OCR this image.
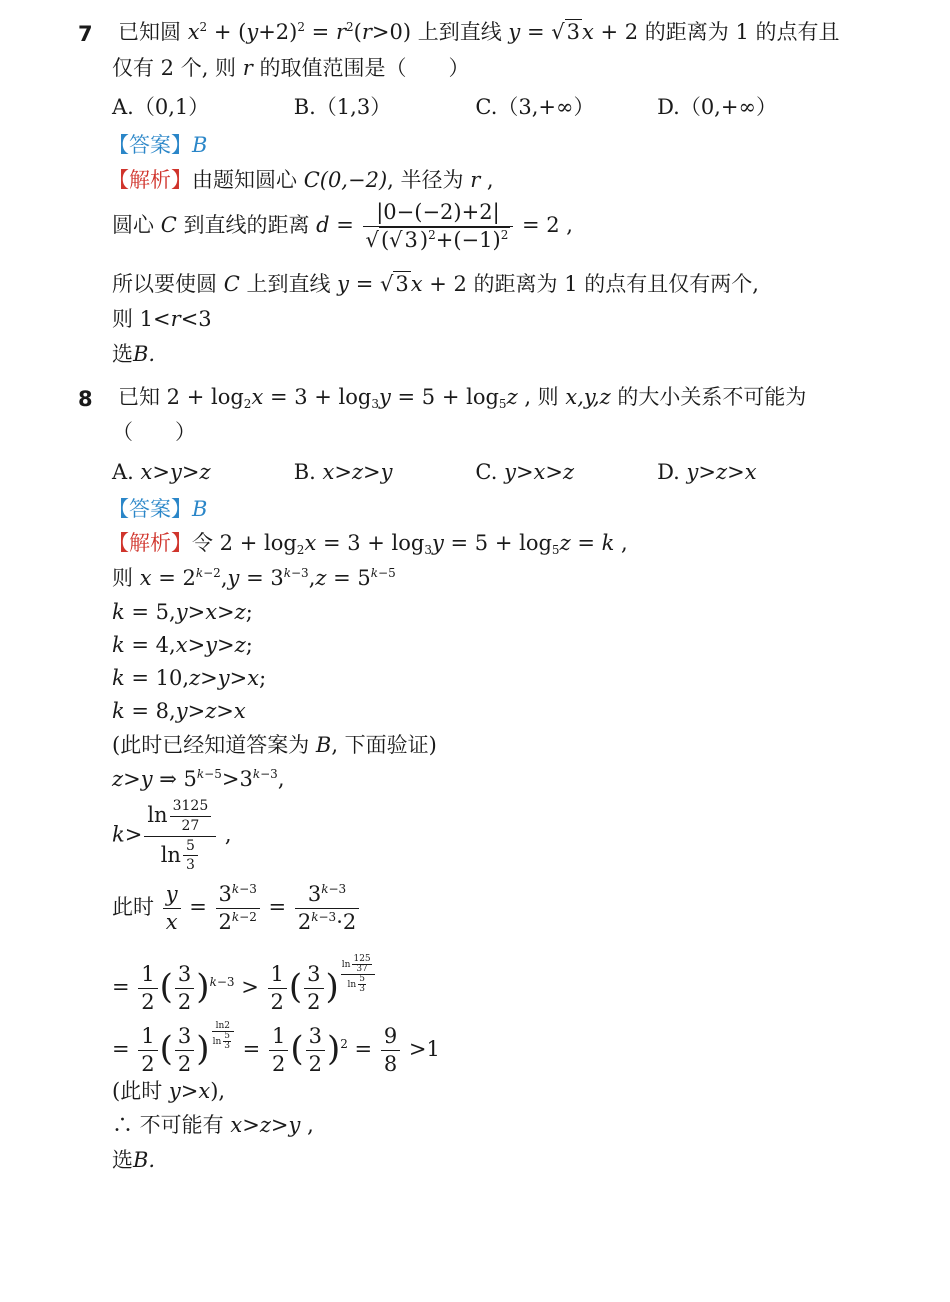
7 已知圆 $x^2 + (y+2)^2 = r^2(r>0)$ 上到直线 y = √3x + 2 的距离为 1 的点有且
仅有 2 个, 则 r 的取值范围是（　　）
A.（0,1）	B.（1,3）	C.（3,+∞）	D.（0,+∞）
【答案】B
【解析】由题知圆心 C(0,−2), 半径为 r ,
圆心 C 到直线的距离 $d = \frac{|0-(-2)+2|}{√(√3)^2+(-1)^2} = 2$ ,
所以要使圆 C 上到直线 y = √3x + 2 的距离为 1 的点有且仅有两个,
则 1<r<3
选B.
8 已知 $2 + \log_2x = 3 + \log_3y = 5 + \log_5z$ , 则 x,y,z 的大小关系不可能为
（　　）
A. x>y>z	B. x>z>y	C. y>x>z	D. y>z>x
【答案】B
【解析】令 $2 + \log_2x = 3 + \log_3y = 5 + \log_5z = k$ ,
则 $x = 2^{k-2},y = 3^{k-3},z = 5^{k-5}$
k = 5,y>x>z;
k = 4,x>y>z;
k = 10,z>y>x;
k = 8,y>z>x
(此时已经知道答案为 B, 下面验证)
z>y ⇒ $5^{k-5}>3^{k-3}$,
$k> \frac{\ln \frac{3125}{27}}{\ln \frac{5}{3}}$ ,
此时 $\frac{y}{x} = \frac{3^{k-3}}{2^{k-2}} = \frac{3^{k-3}}{2^{k-3}\cdot 2}$
= $\frac{1}{2}$ ( $\frac{3}{2} )^{k-3} > \frac{1}{2}$ ( $\frac{3}{2}$ ) $\frac{\ln \frac{125}{37}}{\ln \frac{5}{3}}$
= $\frac{1}{2}$ ( $\frac{3}{2}$ ) $\frac{\ln 2}{\ln \frac{5}{3}} = \frac{1}{2}$ ( $\frac{3}{2} )^2 = \frac{9}{8} >1$
(此时 y>x),
∴ 不可能有 x>z>y ,
选B.
